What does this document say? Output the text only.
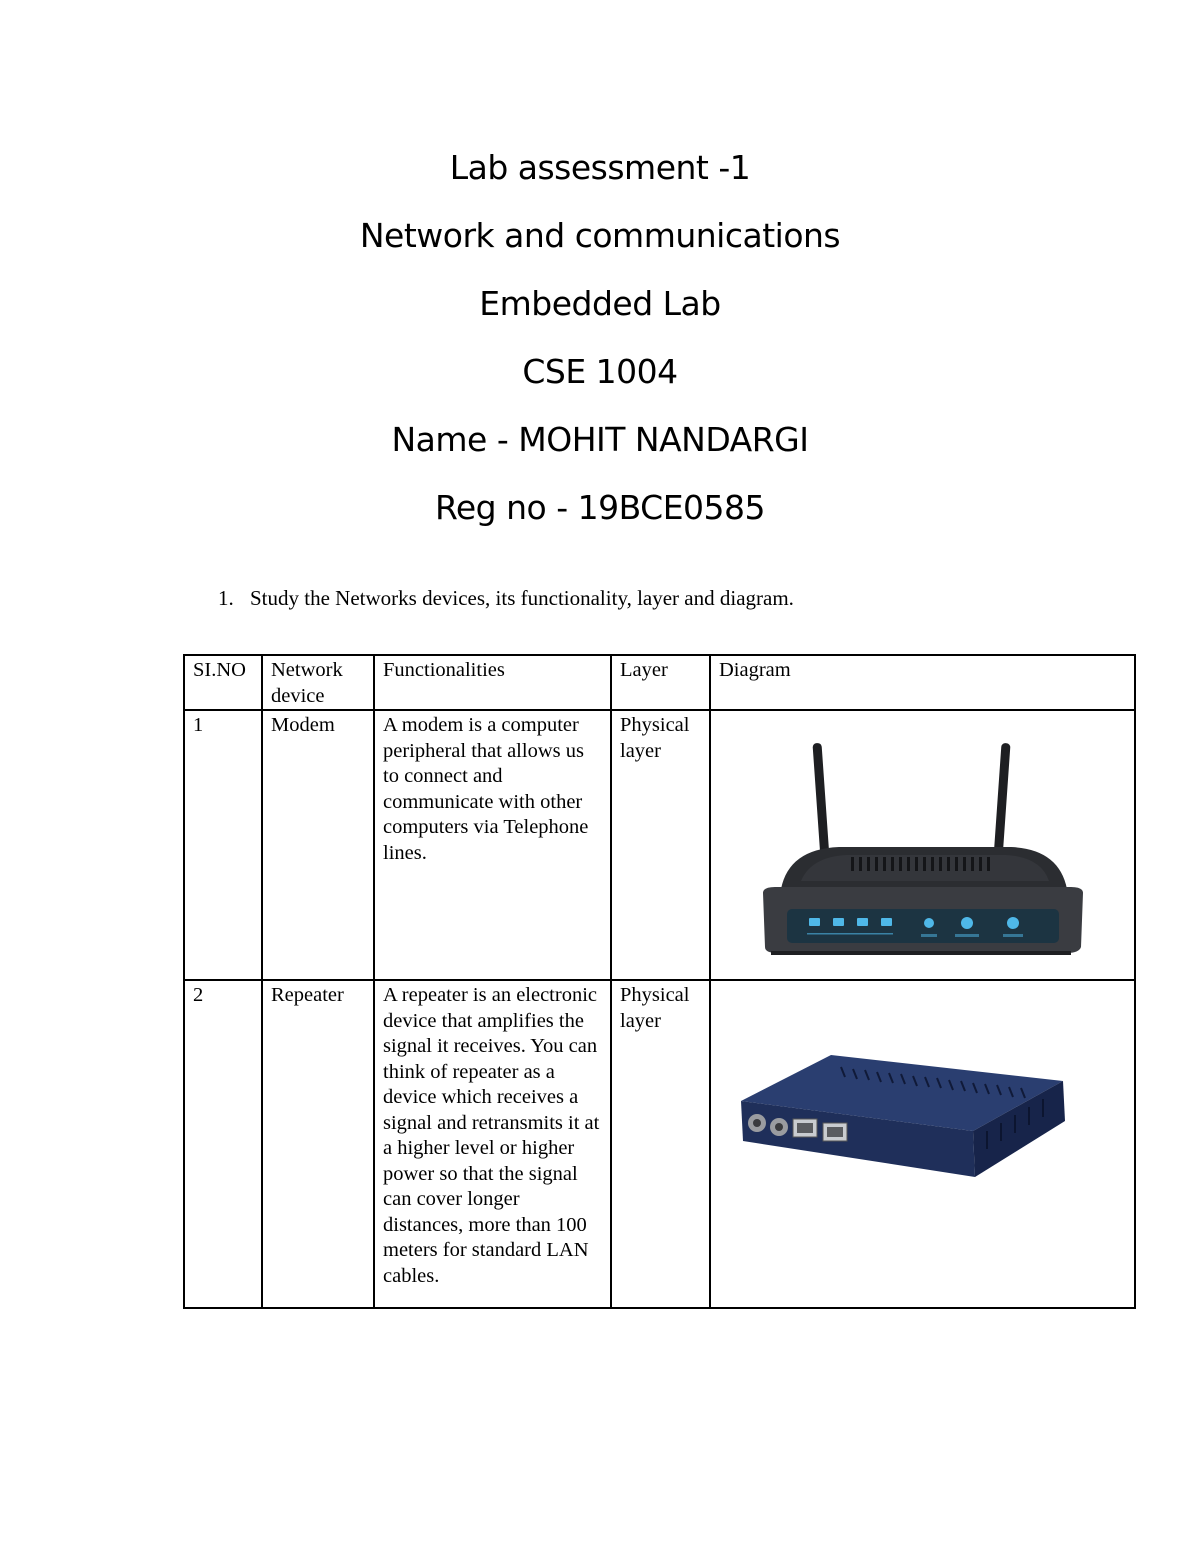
Lab assessment -1
Network and communications
Embedded Lab
CSE 1004
Name - MOHIT NANDARGI
Reg no - 19BCE0585
1. Study the Networks devices, its functionality, layer and diagram.
SI.NO	Network device	Functionalities	Layer	Diagram
1	Modem	A modem is a computer peripheral that allows us to connect and communicate with other computers via Telephone lines.	Physical layer	

2	Repeater	A repeater is an electronic device that amplifies the signal it receives. You can think of repeater as a device which receives a signal and retransmits it at a higher level or higher power so that the signal can cover longer distances, more than 100 meters for standard LAN cables.	Physical layer	
